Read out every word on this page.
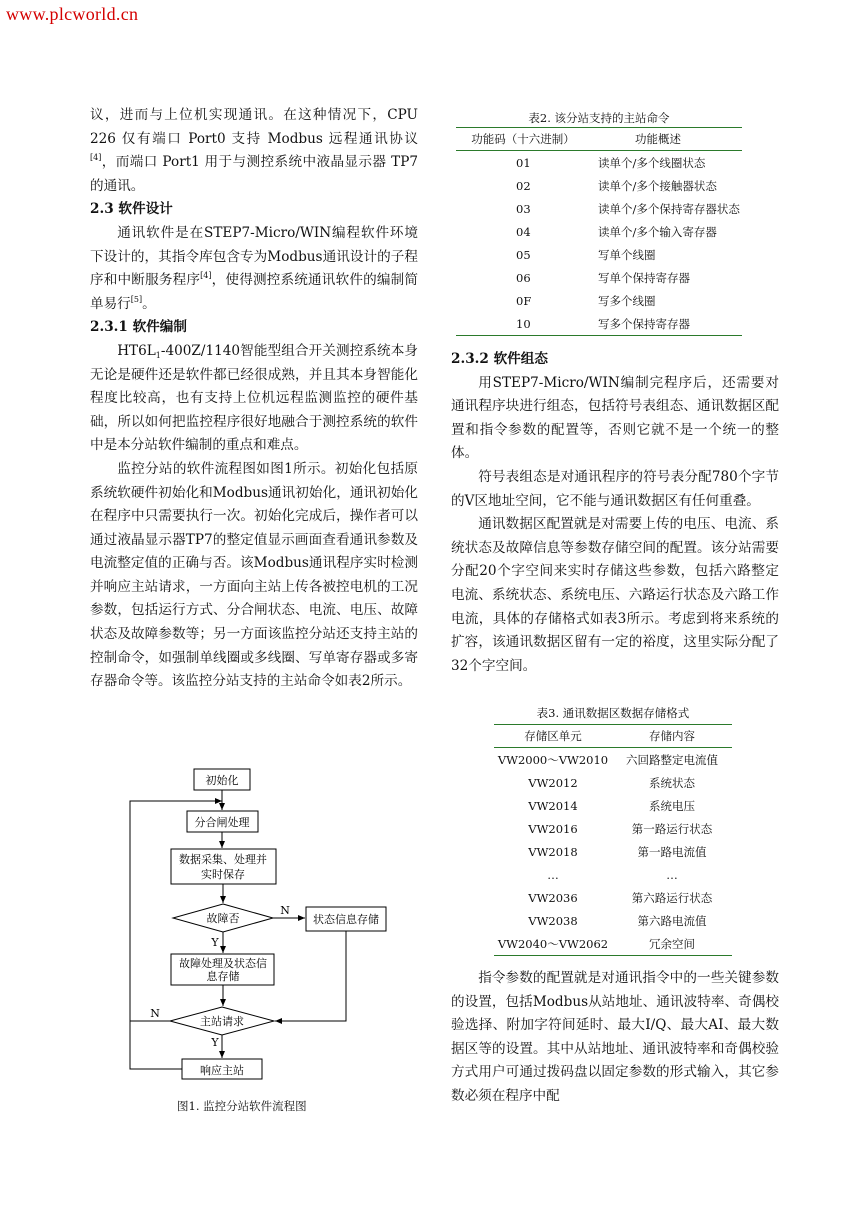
www.plcworld.cn

议，进而与上位机实现通讯。在这种情况下，CPU 226 仅有端口 Port0 支持 Modbus 远程通讯协议[4]，而端口 Port1 用于与测控系统中液晶显示器 TP7 的通讯。

2.3 软件设计

通讯软件是在STEP7-Micro/WIN编程软件环境下设计的，其指令库包含专为Modbus通讯设计的子程序和中断服务程序[4]，使得测控系统通讯软件的编制简单易行[5]。

2.3.1 软件编制

$HT6L_1-400Z/1140$智能型组合开关测控系统本身无论是硬件还是软件都已经很成熟，并且其本身智能化程度比较高，也有支持上位机远程监测监控的硬件基础，所以如何把监控程序很好地融合于测控系统的软件中是本分站软件编制的重点和难点。

监控分站的软件流程图如图1所示。初始化包括原系统软硬件初始化和Modbus通讯初始化，通讯初始化在程序中只需要执行一次。初始化完成后，操作者可以通过液晶显示器TP7的整定值显示画面查看通讯参数及电流整定值的正确与否。该Modbus通讯程序实时检测并响应主站请求，一方面向主站上传各被控电机的工况参数，包括运行方式、分合闸状态、电流、电压、故障状态及故障参数等；另一方面该监控分站还支持主站的控制命令，如强制单线圈或多线圈、写单寄存器或多寄存器命令等。该监控分站支持的主站命令如表2所示。

初始化
分合闸处理
数据采集、处理并
实时保存
故障否	状态信息存储
故障处理及状态信
息存储
主站请求
响应主站
N
Y
N
Y
图1. 监控分站软件流程图
表2. 该分站支持的主站命令
功能码（十六进制）	功能概述
01	读单个/多个线圈状态
02	读单个/多个接触器状态
03	读单个/多个保持寄存器状态
04	读单个/多个输入寄存器
05	写单个线圈
06	写单个保持寄存器
0F	写多个线圈
10	写多个保持寄存器
2.3.2 软件组态

用STEP7-Micro/WIN编制完程序后，还需要对通讯程序块进行组态，包括符号表组态、通讯数据区配置和指令参数的配置等，否则它就不是一个统一的整体。

符号表组态是对通讯程序的符号表分配780个字节的V区地址空间，它不能与通讯数据区有任何重叠。

通讯数据区配置就是对需要上传的电压、电流、系统状态及故障信息等参数存储空间的配置。该分站需要分配20个字空间来实时存储这些参数，包括六路整定电流、系统状态、系统电压、六路运行状态及六路工作电流，具体的存储格式如表3所示。考虑到将来系统的扩容，该通讯数据区留有一定的裕度，这里实际分配了32个字空间。

表3. 通讯数据区数据存储格式
存储区单元	存储内容
VW2000～VW2010	六回路整定电流值
VW2012	系统状态
VW2014	系统电压
VW2016	第一路运行状态
VW2018	第一路电流值
…	…
VW2036	第六路运行状态
VW2038	第六路电流值
VW2040～VW2062	冗余空间

指令参数的配置就是对通讯指令中的一些关键参数的设置，包括Modbus从站地址、通讯波特率、奇偶校验选择、附加字符间延时、最大I/Q、最大AI、最大数据区等的设置。其中从站地址、通讯波特率和奇偶校验方式用户可通过拨码盘以固定参数的形式输入，其它参数必须在程序中配
